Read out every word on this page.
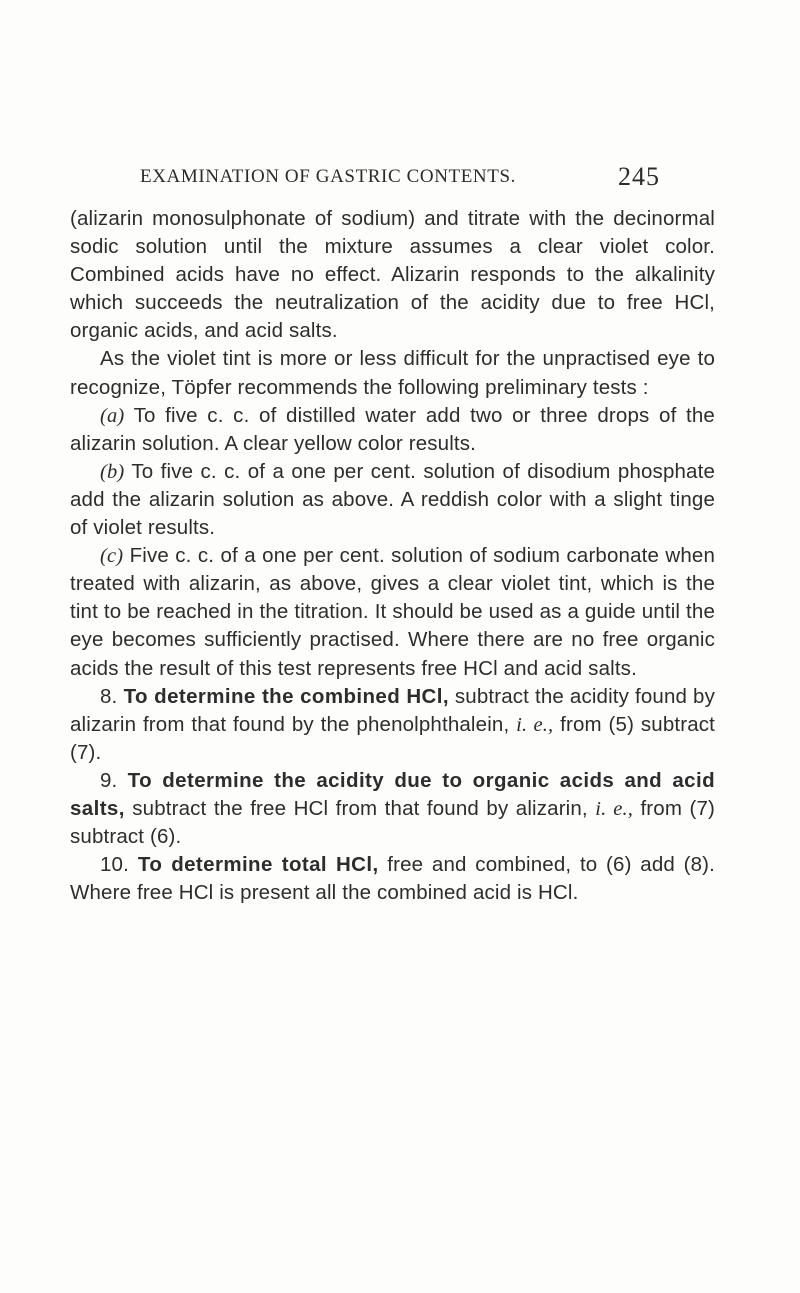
EXAMINATION OF GASTRIC CONTENTS.	245

(alizarin monosulphonate of sodium) and titrate with the decinormal sodic solution until the mixture assumes a clear violet color. Combined acids have no effect. Alizarin responds to the alkalinity which succeeds the neutralization of the acidity due to free HCl, organic acids, and acid salts.

As the violet tint is more or less difficult for the unpractised eye to recognize, Töpfer recommends the following preliminary tests :

(a) To five c. c. of distilled water add two or three drops of the alizarin solution. A clear yellow color results.

(b) To five c. c. of a one per cent. solution of disodium phosphate add the alizarin solution as above. A reddish color with a slight tinge of violet results.

(c) Five c. c. of a one per cent. solution of sodium carbonate when treated with alizarin, as above, gives a clear violet tint, which is the tint to be reached in the titration. It should be used as a guide until the eye becomes sufficiently practised. Where there are no free organic acids the result of this test represents free HCl and acid salts.

8. To determine the combined HCl, subtract the acidity found by alizarin from that found by the phenolphthalein, i. e., from (5) subtract (7).

9. To determine the acidity due to organic acids and acid salts, subtract the free HCl from that found by alizarin, i. e., from (7) subtract (6).

10. To determine total HCl, free and combined, to (6) add (8). Where free HCl is present all the combined acid is HCl.
